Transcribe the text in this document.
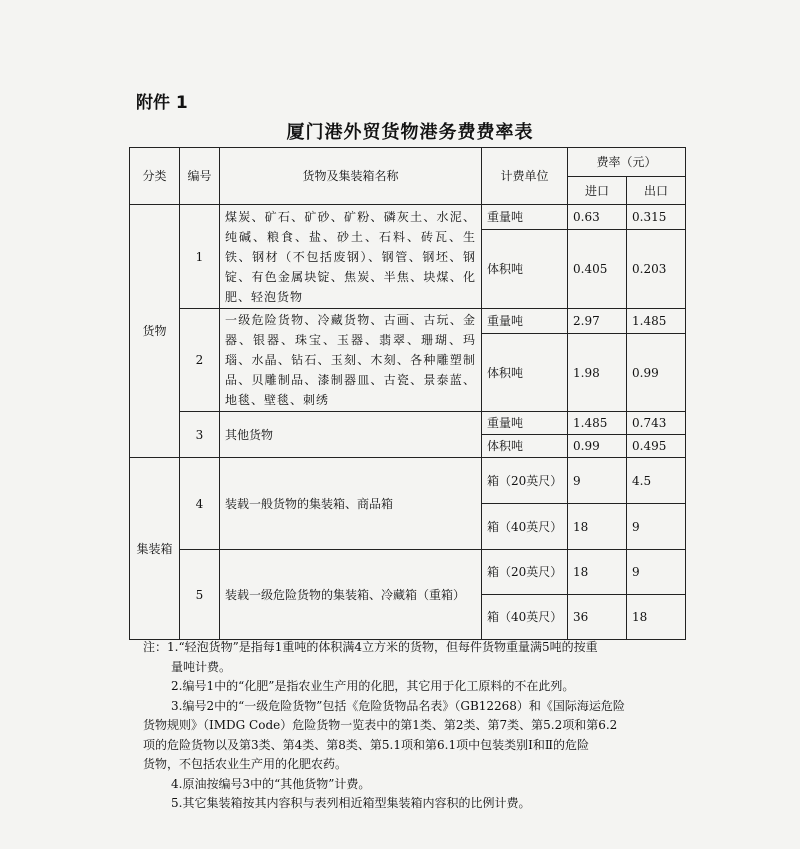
附件 1
厦门港外贸货物港务费费率表
分类	编号	货物及集装箱名称	计费单位	费率（元）	
				进口	出口
货物	1	煤炭、矿石、矿砂、矿粉、磷灰土、水泥、纯碱、粮食、盐、砂土、石料、砖瓦、生铁、钢材（不包括废钢）、钢管、钢坯、钢锭、有色金属块锭、焦炭、半焦、块煤、化肥、轻泡货物	重量吨	0.63	0.315
			体积吨	0.405	0.203
	2	一级危险货物、冷藏货物、古画、古玩、金器、银器、珠宝、玉器、翡翠、珊瑚、玛瑙、水晶、钻石、玉刻、木刻、各种雕塑制品、贝雕制品、漆制器皿、古瓷、景泰蓝、地毯、壁毯、刺绣	重量吨	2.97	1.485
			体积吨	1.98	0.99
	3	其他货物	重量吨	1.485	0.743
			体积吨	0.99	0.495
集装箱	4	装载一般货物的集装箱、商品箱	箱（20英尺）	9	4.5
			箱（40英尺）	18	9
	5	装载一级危险货物的集装箱、冷藏箱（重箱）	箱（20英尺）	18	9
			箱（40英尺）	36	18

注：1.“轻泡货物”是指每1重吨的体积满4立方米的货物，但每件货物重量满5吨的按重

量吨计费。

2.编号1中的“化肥”是指农业生产用的化肥，其它用于化工原料的不在此列。

3.编号2中的“一级危险货物”包括《危险货物品名表》（GB12268）和《国际海运危险

货物规则》（IMDG Code）危险货物一览表中的第1类、第2类、第7类、第5.2项和第6.2

项的危险货物以及第3类、第4类、第8类、第5.1项和第6.1项中包装类别Ⅰ和Ⅱ的危险

货物，不包括农业生产用的化肥农药。

4.原油按编号3中的“其他货物”计费。

5.其它集装箱按其内容积与表列相近箱型集装箱内容积的比例计费。
